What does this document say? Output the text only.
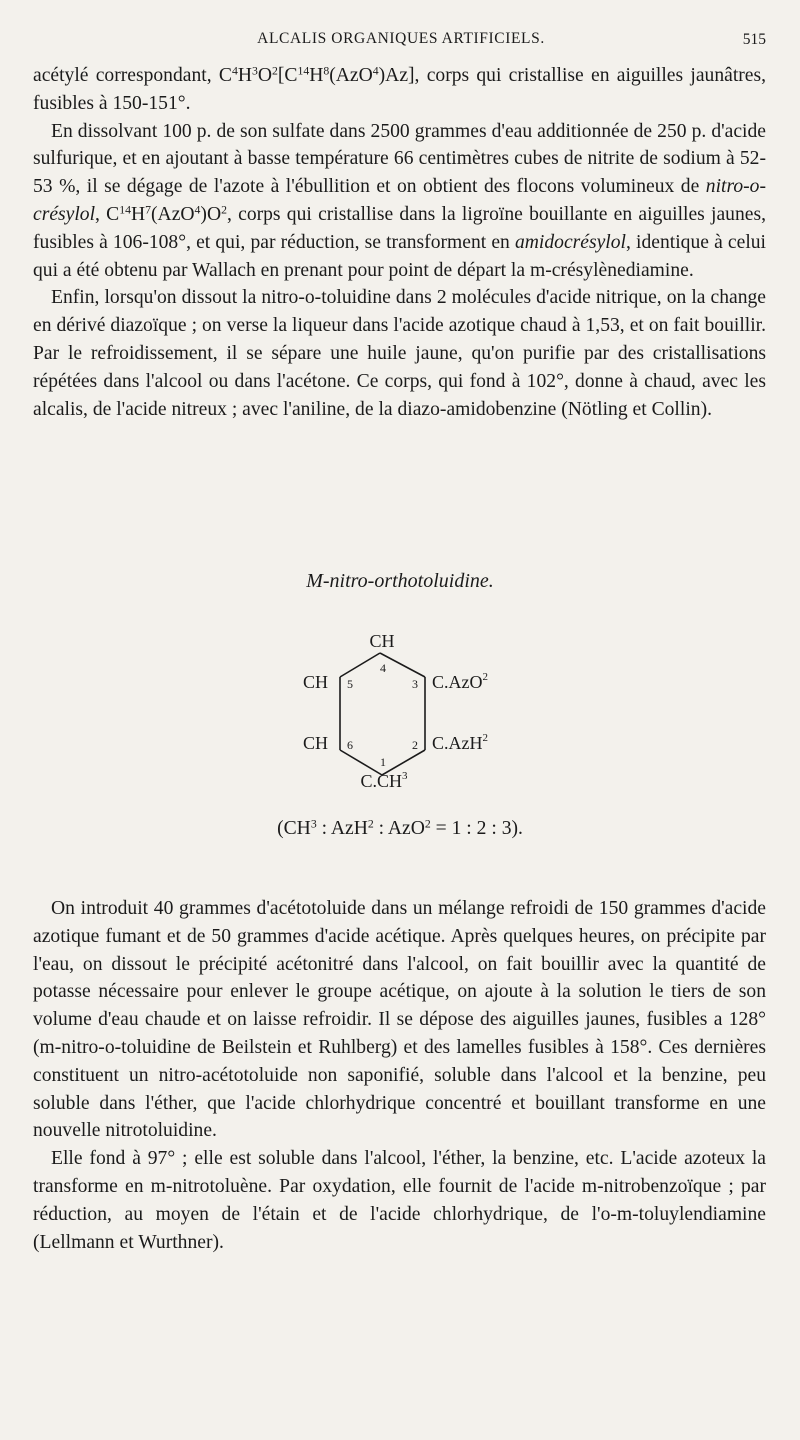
ALCALIS ORGANIQUES ARTIFICIELS.	515

acétylé correspondant, $C^4H^3O^2[C^{14}H^8(AzO^4)Az]$, corps qui cristallise en aiguilles jaunâtres, fusibles à 150-151°.

En dissolvant 100 p. de son sulfate dans 2500 grammes d'eau additionnée de 250 p. d'acide sulfurique, et en ajoutant à basse température 66 centimètres cubes de nitrite de sodium à 52-53 %, il se dégage de l'azote à l'ébullition et on obtient des flocons volumineux de nitro-o-crésylol, $C^{14}H^7(AzO^4)O^2$, corps qui cristallise dans la ligroïne bouillante en aiguilles jaunes, fusibles à 106-108°, et qui, par réduction, se transforment en amidocrésylol, identique à celui qui a été obtenu par Wallach en prenant pour point de départ la m-crésylènediamine.

Enfin, lorsqu'on dissout la nitro-o-toluidine dans 2 molécules d'acide nitrique, on la change en dérivé diazoïque ; on verse la liqueur dans l'acide azotique chaud à 1,53, et on fait bouillir. Par le refroidissement, il se sépare une huile jaune, qu'on purifie par des cristallisations répétées dans l'alcool ou dans l'acétone. Ce corps, qui fond à 102°, donne à chaud, avec les alcalis, de l'acide nitreux ; avec l'aniline, de la diazo-amidobenzine (Nötling et Collin).

M-nitro-orthotoluidine.
CH
CH
CH
C.AzO$^2$
C.AzH$^2$
$C.CH^3$
4
5
6
3
2
1
($CH^3$ : AzH$^2$ : AzO$^2$ = 1 : 2 : 3).

On introduit 40 grammes d'acétotoluide dans un mélange refroidi de 150 grammes d'acide azotique fumant et de 50 grammes d'acide acétique. Après quelques heures, on précipite par l'eau, on dissout le précipité acétonitré dans l'alcool, on fait bouillir avec la quantité de potasse nécessaire pour enlever le groupe acétique, on ajoute à la solution le tiers de son volume d'eau chaude et on laisse refroidir. Il se dépose des aiguilles jaunes, fusibles a 128° (m-nitro-o-toluidine de Beilstein et Ruhlberg) et des lamelles fusibles à 158°. Ces dernières constituent un nitro-acétotoluide non saponifié, soluble dans l'alcool et la benzine, peu soluble dans l'éther, que l'acide chlorhydrique concentré et bouillant transforme en une nouvelle nitrotoluidine.

Elle fond à 97° ; elle est soluble dans l'alcool, l'éther, la benzine, etc. L'acide azoteux la transforme en m-nitrotoluène. Par oxydation, elle fournit de l'acide m-nitrobenzoïque ; par réduction, au moyen de l'étain et de l'acide chlorhydrique, de l'o-m-toluylendiamine (Lellmann et Wurthner).
